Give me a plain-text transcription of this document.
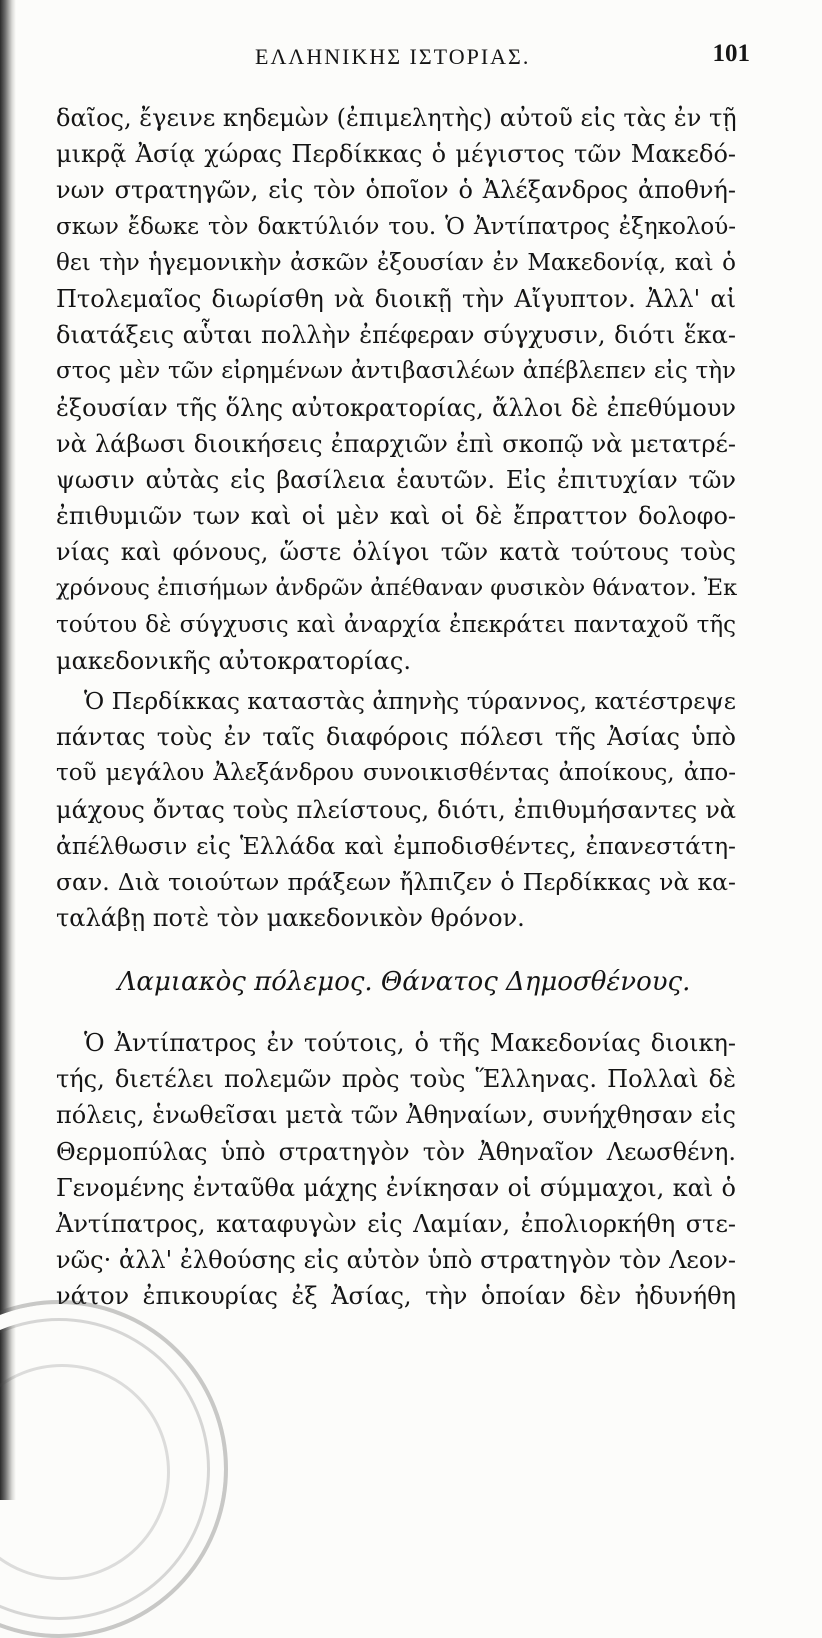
ΕΛΛΗΝΙΚΗΣ ΙΣΤΟΡΙΑΣ.	101
δαῖος, ἔγεινε κηδεμὼν (ἐπιμελητὴς) αὐτοῦ εἰς τὰς ἐν τῇ
μικρᾷ Ἀσίᾳ χώρας Περδίκκας ὁ μέγιστος τῶν Μακεδό-
νων στρατηγῶν, εἰς τὸν ὁποῖον ὁ Ἀλέξανδρος ἀποθνή-
σκων ἔδωκε τὸν δακτύλιόν του. Ὁ Ἀντίπατρος ἐξηκολού-
θει τὴν ἡγεμονικὴν ἀσκῶν ἐξουσίαν ἐν Μακεδονίᾳ, καὶ ὁ
Πτολεμαῖος διωρίσθη νὰ διοικῇ τὴν Αἴγυπτον. Ἀλλ' αἱ
διατάξεις αὗται πολλὴν ἐπέφεραν σύγχυσιν, διότι ἕκα-
στος μὲν τῶν εἰρημένων ἀντιβασιλέων ἀπέβλεπεν εἰς τὴν
ἐξουσίαν τῆς ὅλης αὐτοκρατορίας, ἄλλοι δὲ ἐπεθύμουν
νὰ λάβωσι διοικήσεις ἐπαρχιῶν ἐπὶ σκοπῷ νὰ μετατρέ-
ψωσιν αὐτὰς εἰς βασίλεια ἑαυτῶν. Εἰς ἐπιτυχίαν τῶν
ἐπιθυμιῶν των καὶ οἱ μὲν καὶ οἱ δὲ ἔπραττον δολοφο-
νίας καὶ φόνους, ὥστε ὀλίγοι τῶν κατὰ τούτους τοὺς
χρόνους ἐπισήμων ἀνδρῶν ἀπέθαναν φυσικὸν θάνατον. Ἐκ
τούτου δὲ σύγχυσις καὶ ἀναρχία ἐπεκράτει πανταχοῦ τῆς
μακεδονικῆς αὐτοκρατορίας.
Ὁ Περδίκκας καταστὰς ἀπηνὴς τύραννος, κατέστρεψε
πάντας τοὺς ἐν ταῖς διαφόροις πόλεσι τῆς Ἀσίας ὑπὸ
τοῦ μεγάλου Ἀλεξάνδρου συνοικισθέντας ἀποίκους, ἀπο-
μάχους ὄντας τοὺς πλείστους, διότι, ἐπιθυμήσαντες νὰ
ἀπέλθωσιν εἰς Ἑλλάδα καὶ ἐμποδισθέντες, ἐπανεστάτη-
σαν. Διὰ τοιούτων πράξεων ἤλπιζεν ὁ Περδίκκας νὰ κα-
ταλάβῃ ποτὲ τὸν μακεδονικὸν θρόνον.
Λαμιακὸς πόλεμος. Θάνατος Δημοσθένους.
Ὁ Ἀντίπατρος ἐν τούτοις, ὁ τῆς Μακεδονίας διοικη-
τής, διετέλει πολεμῶν πρὸς τοὺς Ἕλληνας. Πολλαὶ δὲ
πόλεις, ἑνωθεῖσαι μετὰ τῶν Ἀθηναίων, συνήχθησαν εἰς
Θερμοπύλας ὑπὸ στρατηγὸν τὸν Ἀθηναῖον Λεωσθένη.
Γενομένης ἐνταῦθα μάχης ἐνίκησαν οἱ σύμμαχοι, καὶ ὁ
Ἀντίπατρος, καταφυγὼν εἰς Λαμίαν, ἐπολιορκήθη στε-
νῶς· ἀλλ' ἐλθούσης εἰς αὐτὸν ὑπὸ στρατηγὸν τὸν Λεον-
νάτον ἐπικουρίας ἐξ Ἀσίας, τὴν ὁποίαν δὲν ἠδυνήθη
